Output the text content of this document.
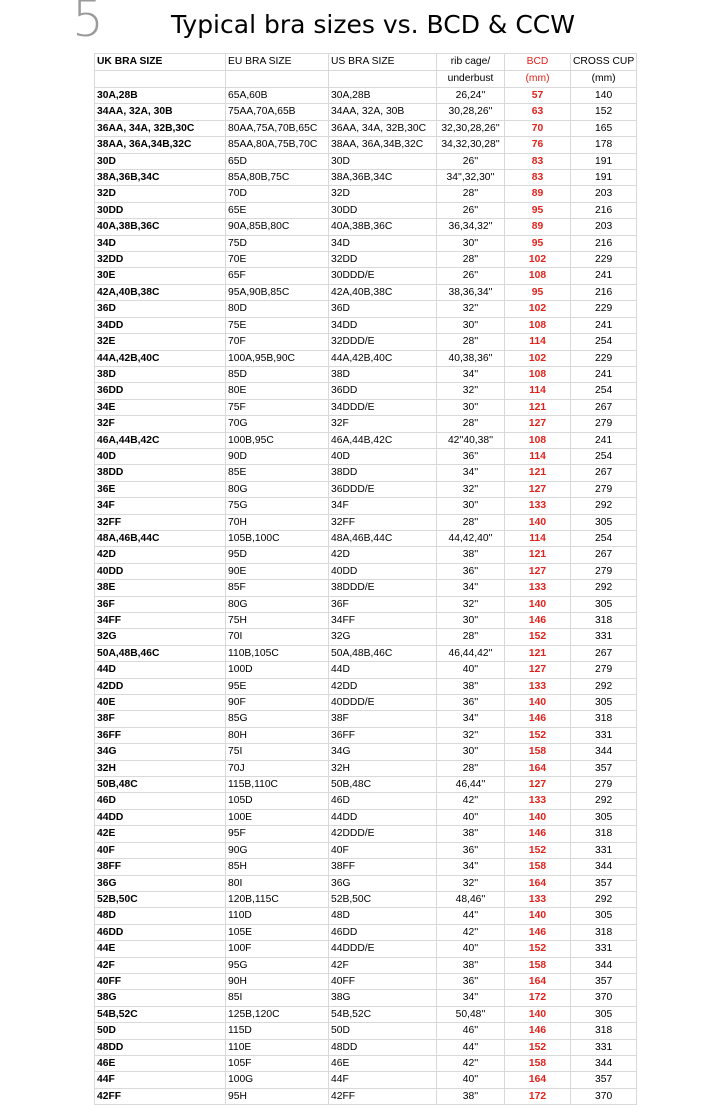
5	Typical bra sizes vs. BCD & CCW
UK BRA SIZE	EU BRA SIZE	US BRA SIZE	rib cage/	BCD	CROSS CUP
			underbust	(mm)	(mm)
30A,28B	65A,60B	30A,28B	26,24''	57	140
34AA, 32A, 30B	75AA,70A,65B	34AA, 32A, 30B	30,28,26''	63	152
36AA, 34A, 32B,30C	80AA,75A,70B,65C	36AA, 34A, 32B,30C	32,30,28,26''	70	165
38AA, 36A,34B,32C	85AA,80A,75B,70C	38AA, 36A,34B,32C	34,32,30,28''	76	178
30D	65D	30D	26''	83	191
38A,36B,34C	85A,80B,75C	38A,36B,34C	34'',32,30''	83	191
32D	70D	32D	28''	89	203
30DD	65E	30DD	26''	95	216
40A,38B,36C	90A,85B,80C	40A,38B,36C	36,34,32''	89	203
34D	75D	34D	30''	95	216
32DD	70E	32DD	28''	102	229
30E	65F	30DDD/E	26''	108	241
42A,40B,38C	95A,90B,85C	42A,40B,38C	38,36,34''	95	216
36D	80D	36D	32''	102	229
34DD	75E	34DD	30''	108	241
32E	70F	32DDD/E	28''	114	254
44A,42B,40C	100A,95B,90C	44A,42B,40C	40,38,36''	102	229
38D	85D	38D	34''	108	241
36DD	80E	36DD	32''	114	254
34E	75F	34DDD/E	30''	121	267
32F	70G	32F	28''	127	279
46A,44B,42C	100B,95C	46A,44B,42C	42''40,38''	108	241
40D	90D	40D	36''	114	254
38DD	85E	38DD	34''	121	267
36E	80G	36DDD/E	32''	127	279
34F	75G	34F	30''	133	292
32FF	70H	32FF	28''	140	305
48A,46B,44C	105B,100C	48A,46B,44C	44,42,40''	114	254
42D	95D	42D	38''	121	267
40DD	90E	40DD	36''	127	279
38E	85F	38DDD/E	34''	133	292
36F	80G	36F	32''	140	305
34FF	75H	34FF	30''	146	318
32G	70I	32G	28''	152	331
50A,48B,46C	110B,105C	50A,48B,46C	46,44,42''	121	267
44D	100D	44D	40''	127	279
42DD	95E	42DD	38''	133	292
40E	90F	40DDD/E	36''	140	305
38F	85G	38F	34''	146	318
36FF	80H	36FF	32''	152	331
34G	75I	34G	30''	158	344
32H	70J	32H	28''	164	357
50B,48C	115B,110C	50B,48C	46,44''	127	279
46D	105D	46D	42''	133	292
44DD	100E	44DD	40''	140	305
42E	95F	42DDD/E	38''	146	318
40F	90G	40F	36''	152	331
38FF	85H	38FF	34''	158	344
36G	80I	36G	32''	164	357
52B,50C	120B,115C	52B,50C	48,46''	133	292
48D	110D	48D	44''	140	305
46DD	105E	46DD	42''	146	318
44E	100F	44DDD/E	40''	152	331
42F	95G	42F	38''	158	344
40FF	90H	40FF	36''	164	357
38G	85I	38G	34''	172	370
54B,52C	125B,120C	54B,52C	50,48''	140	305
50D	115D	50D	46''	146	318
48DD	110E	48DD	44''	152	331
46E	105F	46E	42''	158	344
44F	100G	44F	40''	164	357
42FF	95H	42FF	38''	172	370
